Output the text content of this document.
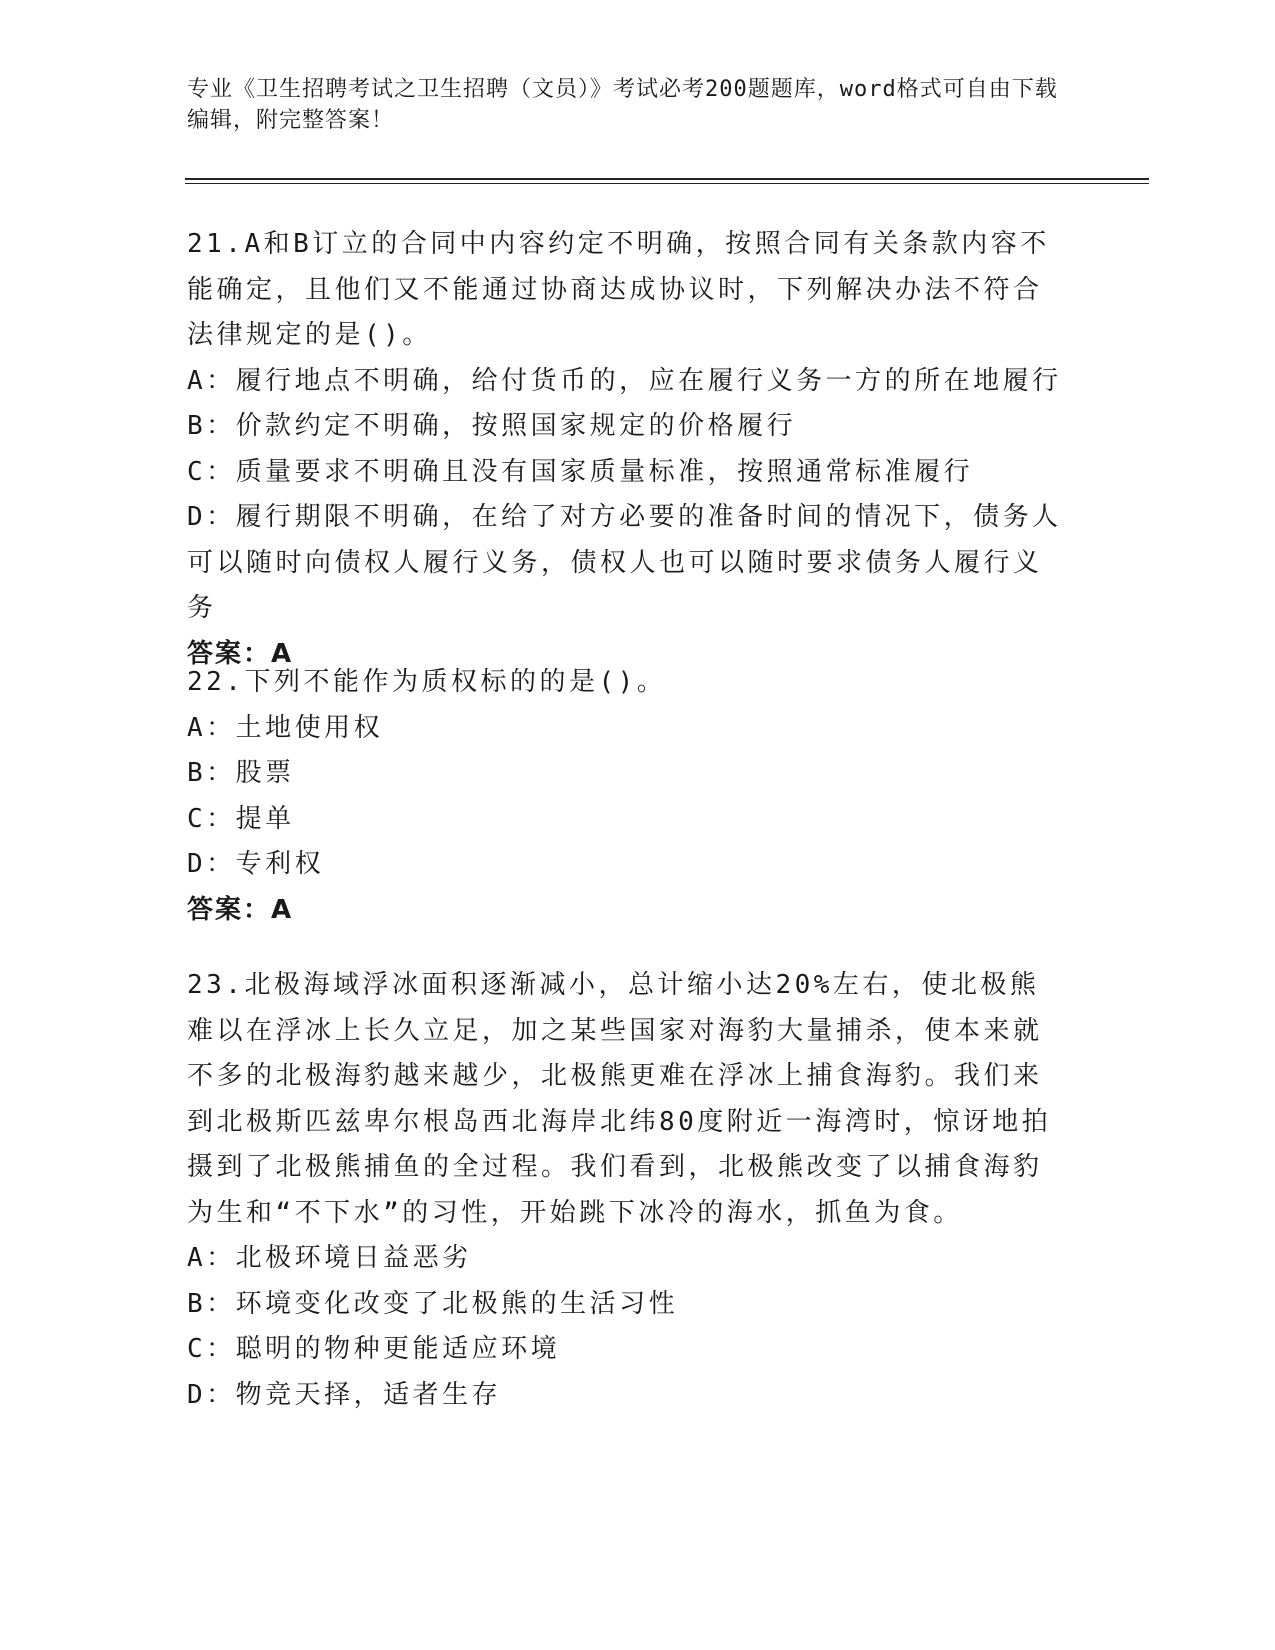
专业《卫生招聘考试之卫生招聘（文员）》考试必考200题题库，word格式可自由下载编辑，附完整答案！
21.A和B订立的合同中内容约定不明确，按照合同有关条款内容不能确定，且他们又不能通过协商达成协议时，下列解决办法不符合法律规定的是()。
A：履行地点不明确，给付货币的，应在履行义务一方的所在地履行
B：价款约定不明确，按照国家规定的价格履行
C：质量要求不明确且没有国家质量标准，按照通常标准履行
D：履行期限不明确，在给了对方必要的准备时间的情况下，债务人可以随时向债权人履行义务，债权人也可以随时要求债务人履行义务
答案：A
22.下列不能作为质权标的的是()。
A：土地使用权
B：股票
C：提单
D：专利权
答案：A
23.北极海域浮冰面积逐渐减小，总计缩小达20%左右，使北极熊难以在浮冰上长久立足，加之某些国家对海豹大量捕杀，使本来就不多的北极海豹越来越少，北极熊更难在浮冰上捕食海豹。我们来到北极斯匹兹卑尔根岛西北海岸北纬80度附近一海湾时，惊讶地拍摄到了北极熊捕鱼的全过程。我们看到，北极熊改变了以捕食海豹为生和“不下水”的习性，开始跳下冰冷的海水，抓鱼为食。
A：北极环境日益恶劣
B：环境变化改变了北极熊的生活习性
C：聪明的物种更能适应环境
D：物竞天择，适者生存
